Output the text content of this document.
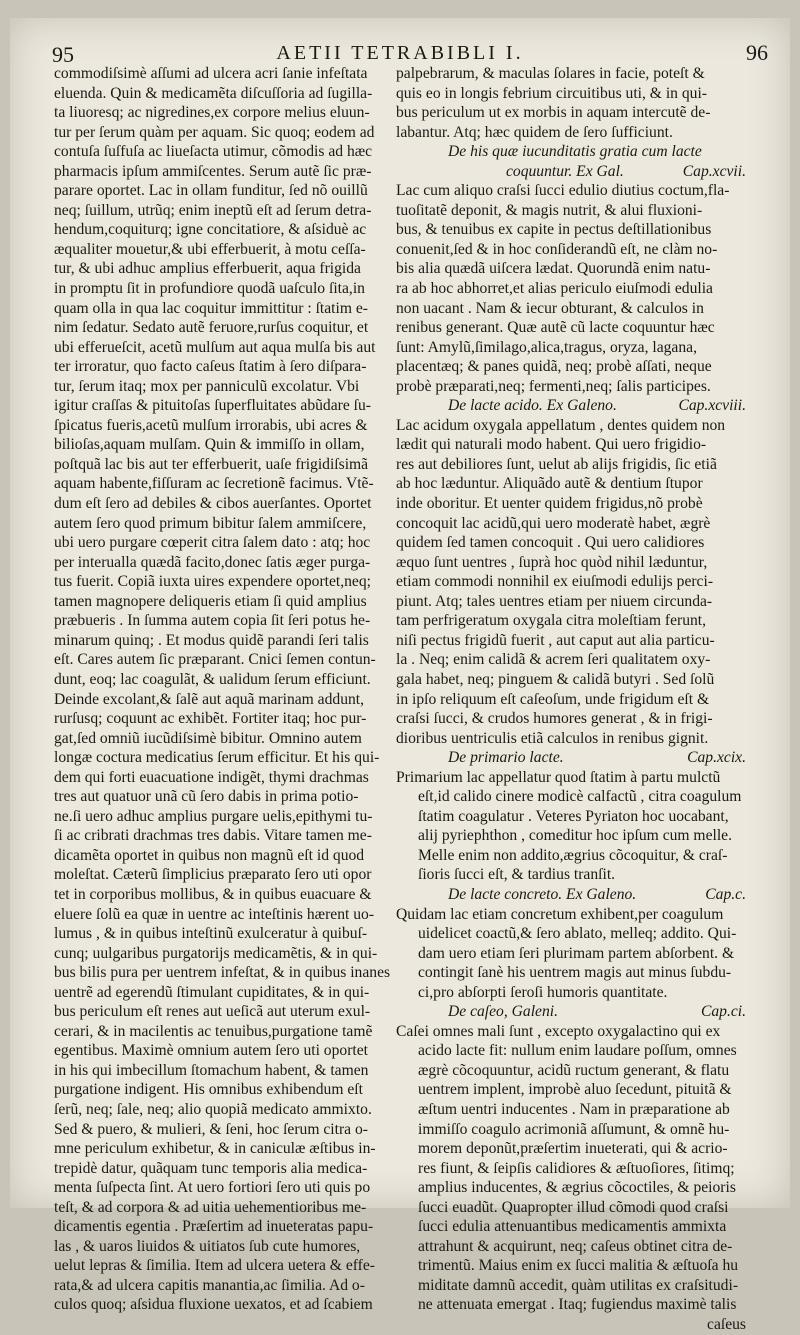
95	AETII TETRABIBLI I.	96
commodiſsimè aſſumi ad ulcera acri ſanie infeſtata
eluenda. Quin & medicamẽta diſcuſſoria ad ſugilla-
ta liuoresq; ac nigredines,ex corpore melius eluun-
tur per ſerum quàm per aquam. Sic quoq; eodem ad
contuſa ſuſfuſa ac liueſacta utimur, cõmodis ad hæc
pharmacis ipſum ammiſcentes. Serum autẽ ſic præ-
parare oportet. Lac in ollam funditur, ſed nõ ouillũ
neq; ſuillum, utrũq; enim ineptũ eſt ad ſerum detra-
hendum,coquiturq; igne concitatiore, & aſsiduè ac
æqualiter mouetur,& ubi efferbuerit, à motu ceſſa-
tur, & ubi adhuc amplius efferbuerit, aqua frigida
in promptu ſit in profundiore quodã uaſculo ſita,in
quam olla in qua lac coquitur immittitur : ſtatim e-
nim ſedatur. Sedato autẽ feruore,rurſus coquitur, et
ubi efferueſcit, acetũ mulſum aut aqua mulſa bis aut
ter irroratur, quo facto caſeus ſtatim à ſero diſpara-
tur, ſerum itaq; mox per panniculũ excolatur. Vbi
igitur craſſas & pituitoſas ſuperfluitates abũdare ſu-
ſpicatus fueris,acetũ mulſum irrorabis, ubi acres &
bilioſas,aquam mulſam. Quin & immiſſo in ollam,
poſtquã lac bis aut ter efferbuerit, uaſe frigidiſsimã
aquam habente,fiſſuram ac ſecretionẽ facimus. Vtẽ-
dum eſt ſero ad debiles & cibos auerſantes. Oportet
autem ſero quod primum bibitur ſalem ammiſcere,
ubi uero purgare cœperit citra ſalem dato : atq; hoc
per interualla quædã facito,donec ſatis æger purga-
tus fuerit. Copiã iuxta uires expendere oportet,neq;
tamen magnopere deliqueris etiam ſi quid amplius
præbueris . In ſumma autem copia ſit ſeri potus he-
minarum quinq; . Et modus quidẽ parandi ſeri talis
eſt. Cares autem ſic præparant. Cnici ſemen contun-
dunt, eoq; lac coagulãt, & ualidum ſerum efficiunt.
Deinde excolant,& ſalẽ aut aquã marinam addunt,
rurſusq; coquunt ac exhibẽt. Fortiter itaq; hoc pur-
gat,ſed omniũ iucũdiſsimè bibitur. Omnino autem
longæ coctura medicatius ſerum efficitur. Et his qui-
dem qui forti euacuatione indigẽt, thymi drachmas
tres aut quatuor unã cũ ſero dabis in prima potio-
ne.ſi uero adhuc amplius purgare uelis,epithymi tu-
ſi ac cribrati drachmas tres dabis. Vitare tamen me-
dicamẽta oportet in quibus non magnũ eſt id quod
moleſtat. Cæterũ ſimplicius præparato ſero uti opor
tet in corporibus mollibus, & in quibus euacuare &
eluere ſolũ ea quæ in uentre ac inteſtinis hærent uo-
lumus , & in quibus inteſtinũ exulceratur à quibuſ-
cunq; uulgaribus purgatorijs medicamẽtis, & in qui-
bus bilis pura per uentrem infeſtat, & in quibus inanes
uentrẽ ad egerendũ ſtimulant cupiditates, & in qui-
bus periculum eſt renes aut ueſicã aut uterum exul-
cerari, & in macilentis ac tenuibus,purgatione tamẽ
egentibus. Maximè omnium autem ſero uti oportet
in his qui imbecillum ſtomachum habent, & tamen
purgatione indigent. His omnibus exhibendum eſt
ſerũ, neq; ſale, neq; alio quopiã medicato ammixto.
Sed & puero, & mulieri, & ſeni, hoc ſerum citra o-
mne periculum exhibetur, & in caniculæ æſtibus in-
trepidè datur, quãquam tunc temporis alia medica-
menta ſuſpecta ſint. At uero fortiori ſero uti quis po
teſt, & ad corpora & ad uitia uehementioribus me-
dicamentis egentia . Præſertim ad inueteratas papu-
las , & uaros liuidos & uitiatos ſub cute humores,
uelut lepras & ſimilia. Item ad ulcera uetera & effe-
rata,& ad ulcera capitis manantia,ac ſimilia. Ad o-
culos quoq; aſsidua fluxione uexatos, et ad ſcabiem
palpebrarum, & maculas ſolares in facie, poteſt &
quis eo in longis febrium circuitibus uti, & in qui-
bus periculum ut ex morbis in aquam intercutẽ de-
labantur. Atq; hæc quidem de ſero ſufficiunt.
De his quæ iucunditatis gratia cum lacte
coquuntur. Ex Gal.	Cap.xcvii.
Lac cum aliquo craſsi ſucci edulio diutius coctum,fla-
tuoſitatẽ deponit, & magis nutrit, & alui fluxioni-
bus, & tenuibus ex capite in pectus deſtillationibus
conuenit,ſed & in hoc conſiderandũ eſt, ne clàm no-
bis alia quædã uiſcera lædat. Quorundã enim natu-
ra ab hoc abhorret,et alias periculo eiuſmodi edulia
non uacant . Nam & iecur obturant, & calculos in
renibus generant. Quæ autẽ cũ lacte coquuntur hæc
ſunt: Amylũ,ſimilago,alica,tragus, oryza, lagana,
placentæq; & panes quidã, neq; probè aſſati, neque
probè præparati,neq; fermenti,neq; ſalis participes.
De lacte acido. Ex Galeno.	Cap.xcviii.
Lac acidum oxygala appellatum , dentes quidem non
lædit qui naturali modo habent. Qui uero frigidio-
res aut debiliores ſunt, uelut ab alijs frigidis, ſic etiã
ab hoc læduntur. Aliquãdo autẽ & dentium ſtupor
inde oboritur. Et uenter quidem frigidus,nõ probè
concoquit lac acidũ,qui uero moderatè habet, ægrè
quidem ſed tamen concoquit . Qui uero calidiores
æquo ſunt uentres , ſuprà hoc quòd nihil læduntur,
etiam commodi nonnihil ex eiuſmodi edulijs perci-
piunt. Atq; tales uentres etiam per niuem circunda-
tam perfrigeratum oxygala citra moleſtiam ferunt,
niſi pectus frigidũ fuerit , aut caput aut alia particu-
la . Neq; enim calidã & acrem ſeri qualitatem oxy-
gala habet, neq; pinguem & calidã butyri . Sed ſolũ
in ipſo reliquum eſt caſeoſum, unde frigidum eſt &
craſsi ſucci, & crudos humores generat , & in frigi-
dioribus uentriculis etiã calculos in renibus gignit.
De primario lacte.	Cap.xcix.
Primarium lac appellatur quod ſtatim à partu mulctũ
eſt,id calido cinere modicè calfactũ , citra coagulum
ſtatim coagulatur . Veteres Pyriaton hoc uocabant,
alij pyriephthon , comeditur hoc ipſum cum melle.
Melle enim non addito,ægrius cõcoquitur, & craſ-
ſioris ſucci eſt, & tardius tranſit.
De lacte concreto. Ex Galeno.	Cap.c.
Quidam lac etiam concretum exhibent,per coagulum
uidelicet coactũ,& ſero ablato, melleq; addito. Qui-
dam uero etiam ſeri plurimam partem abſorbent. &
contingit ſanè his uentrem magis aut minus ſubdu-
ci,pro abſorpti ſeroſi humoris quantitate.
De caſeo, Galeni.	Cap.ci.
Caſei omnes mali ſunt , excepto oxygalactino qui ex
acido lacte fit: nullum enim laudare poſſum, omnes
ægrè cõcoquuntur, acidũ ructum generant, & flatu
uentrem implent, improbè aluo ſecedunt, pituitã &
æſtum uentri inducentes . Nam in præparatione ab
immiſſo coagulo acrimoniã aſſumunt, & omnẽ hu-
morem deponũt,præſertim inueterati, qui & acrio-
res fiunt, & ſeipſis calidiores & æſtuoſiores, ſitimq;
amplius inducentes, & ægrius cõcoctiles, & peioris
ſucci euadũt. Quapropter illud cõmodi quod craſsi
ſucci edulia attenuantibus medicamentis ammixta
attrahunt & acquirunt, neq; caſeus obtinet citra de-
trimentũ. Maius enim ex ſucci malitia & æſtuoſa hu
miditate damnũ accedit, quàm utilitas ex craſsitudi-
ne attenuata emergat . Itaq; fugiendus maximè talis
caſeus
